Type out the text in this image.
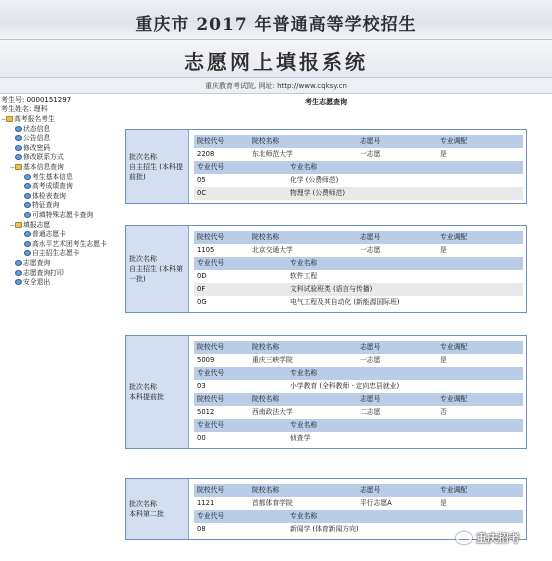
重庆市 2017 年普通高等学校招生
志愿网上填报系统
重庆教育考试院, 网址: http://www.cqksy.cn
考生号: 0000151297
考生姓名: 理科
− 高考报名考生
状态信息
公告信息
修改密码
修改联系方式
− 基本信息查询
考生基本信息
高考成绩查询
体检表查询
特征查询
可填特殊志愿卡查询
− 填报志愿
普通志愿卡
高水平艺术团考生志愿卡
自主招生志愿卡
志愿查询
志愿查询打印
安全退出
考生志愿查询
批次名称
自主招生 (本科提前批)
院校代号	院校名称	志愿号	专业调配
2208	东北师范大学	一志愿	是
专业代号	专业名称
05	化学 (公费师范)
0C	物理学 (公费师范)
批次名称
自主招生 (本科第一批)
院校代号	院校名称	志愿号	专业调配
1105	北京交通大学	一志愿	是
专业代号	专业名称
0D	软件工程
0F	文科试验班类 (语言与传播)
0G	电气工程及其自动化 (新能源国际班)
批次名称
本科提前批
院校代号	院校名称	志愿号	专业调配
5009	重庆三峡学院	一志愿	是
专业代号	专业名称
03	小学教育 (全科教师 · 定向忠县就业)
院校代号	院校名称	志愿号	专业调配
5012	西南政法大学	二志愿	否
专业代号	专业名称
00	侦查学
批次名称
本科第二批
院校代号	院校名称	志愿号	专业调配
1121	首都体育学院	平行志愿A	是
专业代号	专业名称
08	新闻学 (体育新闻方向)
重庆招考
